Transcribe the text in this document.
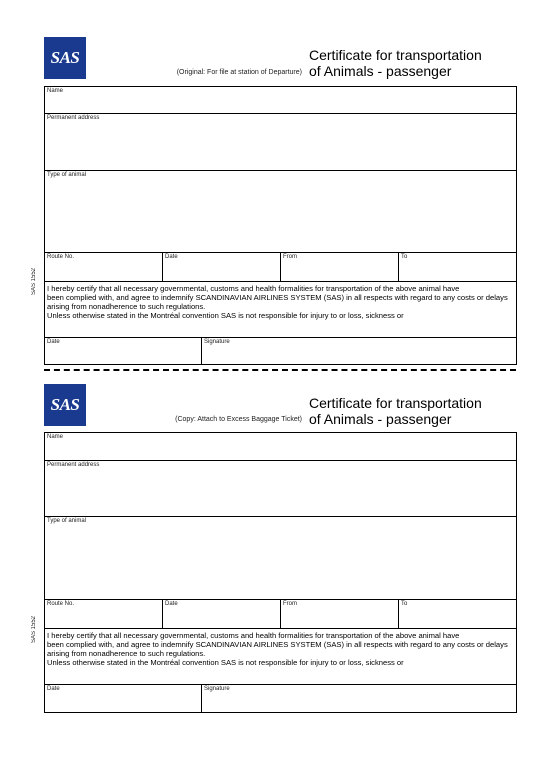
SAS
(Original: For file at station of Departure)
Certificate for transportation of Animals - passenger
Name
Permanent address
Type of animal
Route No.	Date	From	To
I hereby certify that all necessary governmental, customs and health formalities for transportation of the above animal have
been complied with, and agree to indemnify SCANDINAVIAN AIRLINES SYSTEM (SAS) in all respects with regard to any costs or delays arising from nonadherence to such regulations.
Unless otherwise stated in the Montréal convention SAS is not responsible for injury to or loss, sickness or
Date	Signature
SAS 1552
SAS
(Copy: Attach to Excess Baggage Ticket)
Certificate for transportation of Animals - passenger
Name
Permanent address
Type of animal
Route No.	Date	From	To
I hereby certify that all necessary governmental, customs and health formalities for transportation of the above animal have
been complied with, and agree to indemnify SCANDINAVIAN AIRLINES SYSTEM (SAS) in all respects with regard to any costs or delays arising from nonadherence to such regulations.
Unless otherwise stated in the Montréal convention SAS is not responsible for injury to or loss, sickness or
Date	Signature
SAS 1552
